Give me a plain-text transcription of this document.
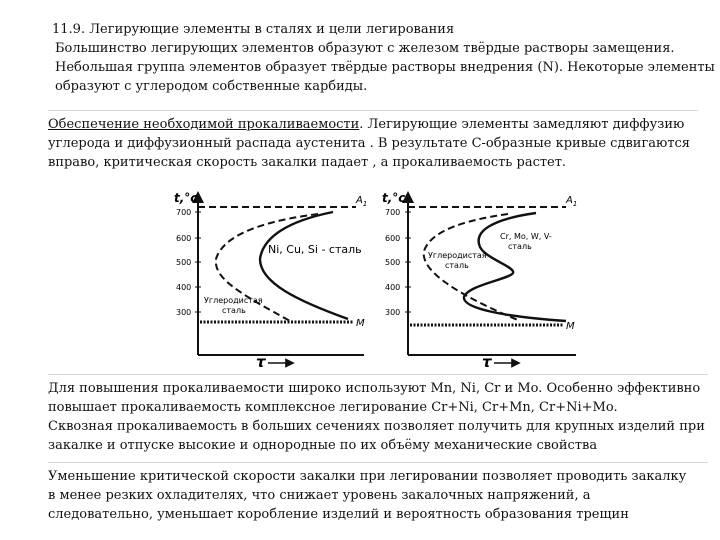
11.9. Легирующие элементы в сталях и цели легирования
Большинство легирующих элементов образуют с железом твёрдые растворы замещения.
Небольшая группа элементов образует твёрдые растворы внедрения (N). Некоторые элементы
образуют с углеродом собственные карбиды.
Обеспечение необходимой прокаливаемости. Легирующие элементы замедляют диффузию
углерода и диффузионный распада аустенита . В результате С-образные кривые сдвигаются
вправо, критическая скорость закалки падает , а прокаливаемость растет.
t,°c
700
600
500
400
300
$A_1$
M
Ni, Cu, Si - сталь
Углеродистая
сталь
τ
t,°c
700
600
500
400
300
$A_1$
M
Cr, Mo, W, V-
сталь
Углеродистая
сталь
τ
Для повышения прокаливаемости широко используют Mn, Ni, Cr и Mo. Особенно эффективно
повышает прокаливаемость комплексное легирование Cr+Ni, Cr+Mn, Cr+Ni+Mo.
Сквозная прокаливаемость в больших сечениях позволяет получить для крупных изделий при
закалке и отпуске высокие и однородные по их объёму механические свойства
Уменьшение критической скорости закалки при легировании позволяет проводить закалку
в менее резких охладителях, что снижает уровень закалочных напряжений, а
следовательно, уменьшает коробление изделий и вероятность образования трещин
